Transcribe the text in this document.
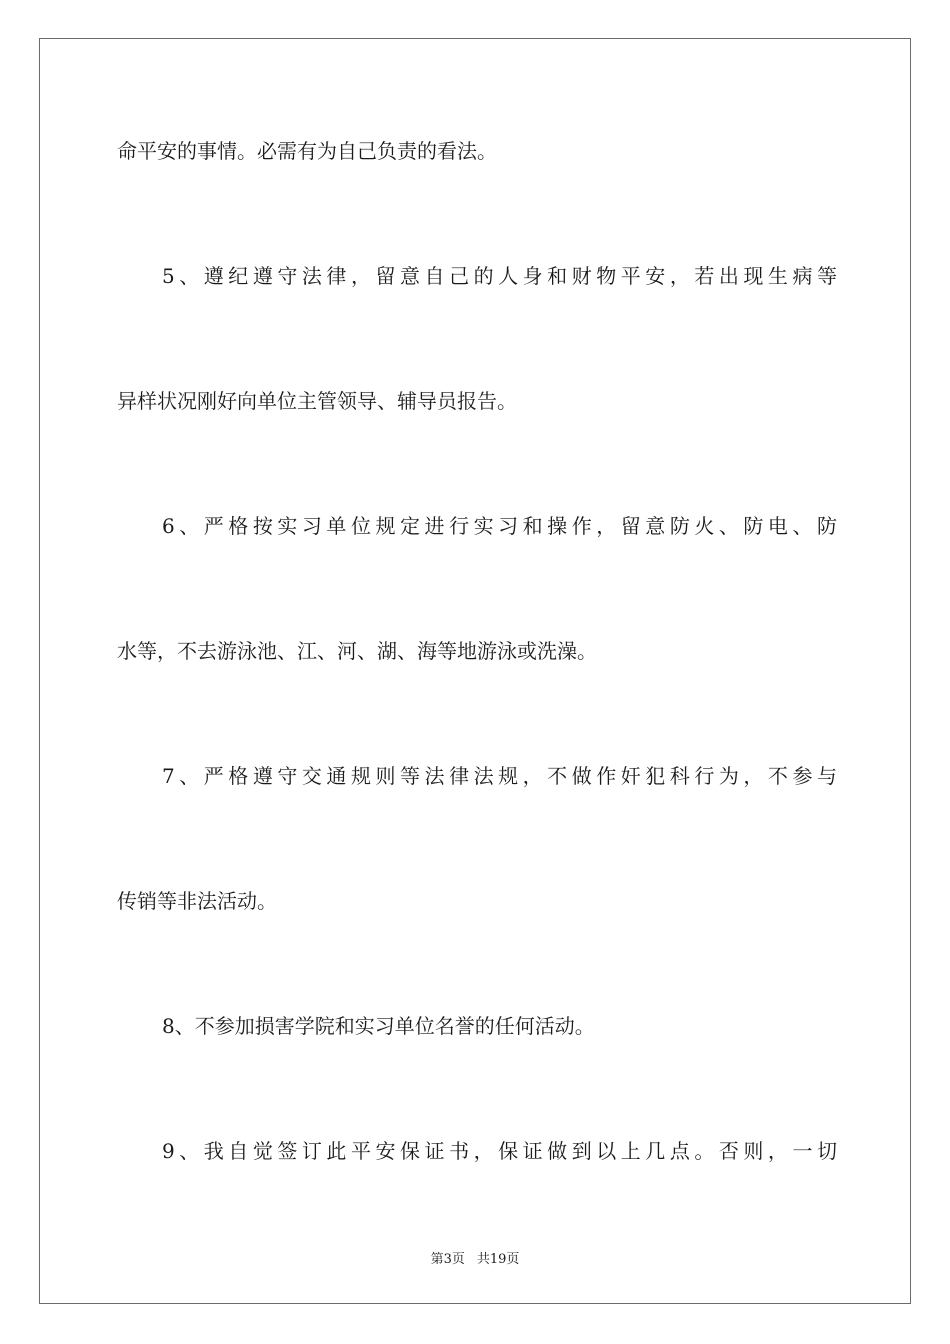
命平安的事情。必需有为自己负责的看法。
5、遵纪遵守法律，留意自己的人身和财物平安，若出现生病等
异样状况刚好向单位主管领导、辅导员报告。
6、严格按实习单位规定进行实习和操作，留意防火、防电、防
水等，不去游泳池、江、河、湖、海等地游泳或洗澡。
7、严格遵守交通规则等法律法规，不做作奸犯科行为，不参与
传销等非法活动。
8、不参加损害学院和实习单位名誉的任何活动。
9、我自觉签订此平安保证书，保证做到以上几点。否则，一切
第3页 共19页
